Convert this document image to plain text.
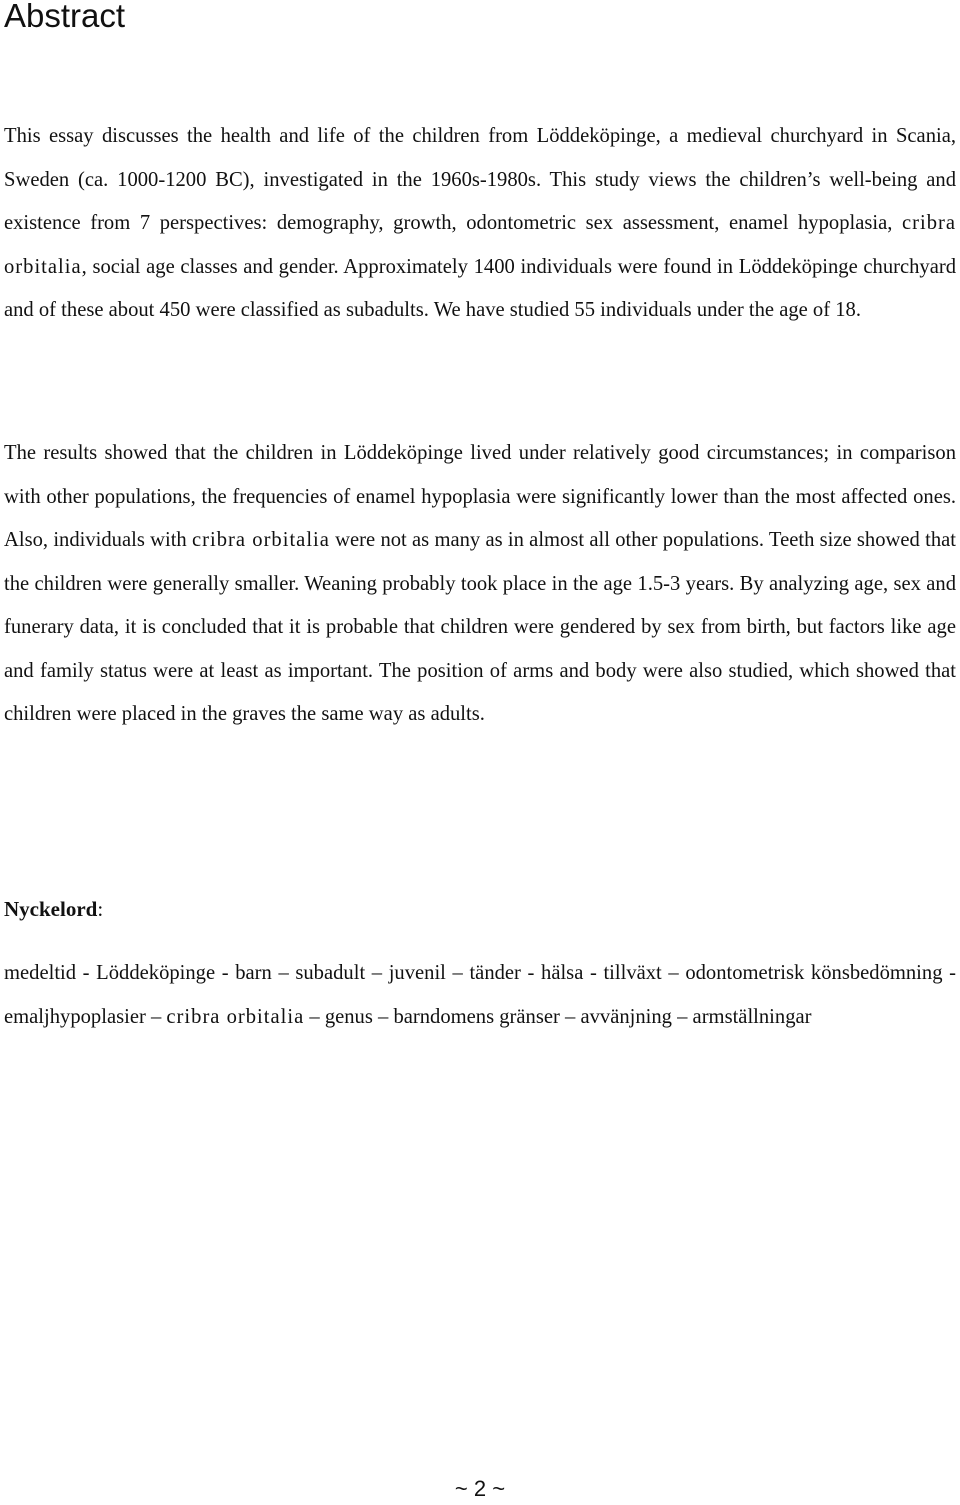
Abstract

This essay discusses the health and life of the children from Löddeköpinge, a medieval churchyard in Scania, Sweden (ca. 1000-1200 BC), investigated in the 1960s-1980s. This study views the children’s well-being and existence from 7 perspectives: demography, growth, odontometric sex assessment, enamel hypoplasia, cribra orbitalia, social age classes and gender. Approximately 1400 individuals were found in Löddeköpinge churchyard and of these about 450 were classified as subadults. We have studied 55 individuals under the age of 18.

The results showed that the children in Löddeköpinge lived under relatively good circumstances; in comparison with other populations, the frequencies of enamel hypoplasia were significantly lower than the most affected ones. Also, individuals with cribra orbitalia were not as many as in almost all other populations. Teeth size showed that the children were generally smaller. Weaning probably took place in the age 1.5-3 years. By analyzing age, sex and funerary data, it is concluded that it is probable that children were gendered by sex from birth, but factors like age and family status were at least as important. The position of arms and body were also studied, which showed that children were placed in the graves the same way as adults.

Nyckelord:

medeltid - Löddeköpinge - barn – subadult – juvenil – tänder - hälsa - tillväxt – odontometrisk könsbedömning - emaljhypoplasier – cribra orbitalia – genus – barndomens gränser – avvänjning – armställningar

~ 2 ~
